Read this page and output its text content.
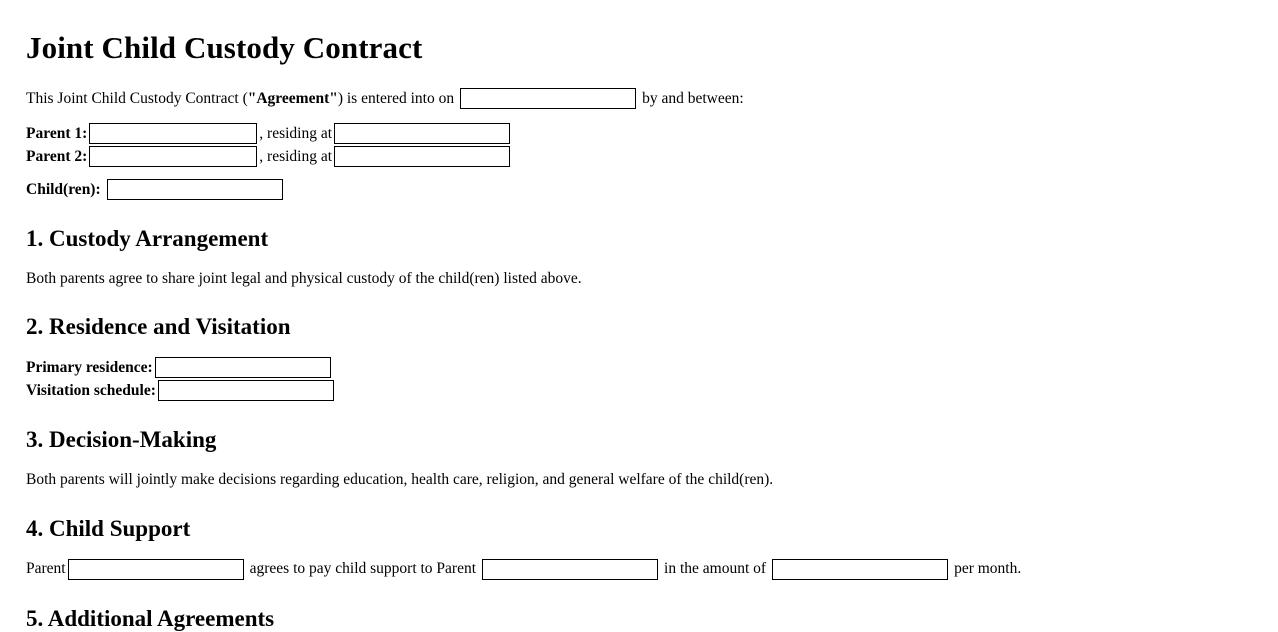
Joint Child Custody Contract
This Joint Child Custody Contract ( "Agreement" ) is entered into on	by and between:
Parent 1:	, residing at
Parent 2:	, residing at
Child(ren):
1. Custody Arrangement

Both parents agree to share joint legal and physical custody of the child(ren) listed above.

2. Residence and Visitation
Primary residence:
Visitation schedule:
3. Decision-Making

Both parents will jointly make decisions regarding education, health care, religion, and general welfare of the child(ren).

4. Child Support
Parent	agrees to pay child support to Parent	in the amount of	per month.
5. Additional Agreements
